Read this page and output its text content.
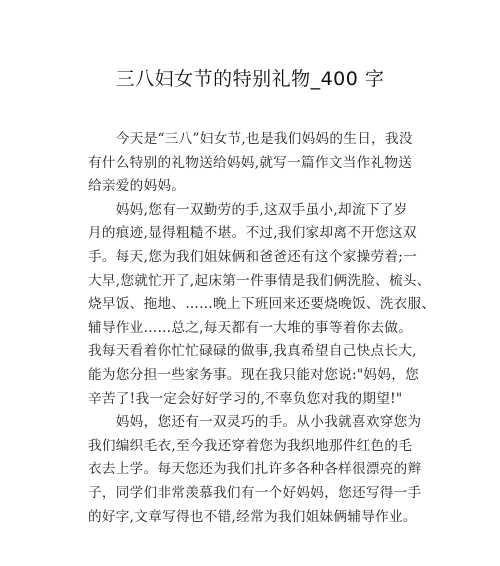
三八妇女节的特别礼物_400 字
　　今天是“三八”妇女节,也是我们妈妈的生日，我没
有什么特别的礼物送给妈妈,就写一篇作文当作礼物送
给亲爱的妈妈。
　　妈妈,您有一双勤劳的手,这双手虽小,却流下了岁
月的痕迹,显得粗糙不堪。不过,我们家却离不开您这双
手。每天,您为我们姐妹俩和爸爸还有这个家操劳着;一
大早,您就忙开了,起床第一件事情是我们俩洗脸、梳头、
烧早饭、拖地、……晚上下班回来还要烧晚饭、洗衣服、
辅导作业……总之,每天都有一大堆的事等着你去做。
我每天看着你忙忙碌碌的做事,我真希望自己快点长大,
能为您分担一些家务事。现在我只能对您说:"妈妈，您
辛苦了!我一定会好好学习的,不辜负您对我的期望!"
　　妈妈，您还有一双灵巧的手。从小我就喜欢穿您为
我们编织毛衣,至今我还穿着您为我织地那件红色的毛
衣去上学。每天您还为我们扎许多各种各样很漂亮的辫
子，同学们非常羡慕我们有一个好妈妈，您还写得一手
的好字,文章写得也不错,经常为我们姐妹俩辅导作业。
